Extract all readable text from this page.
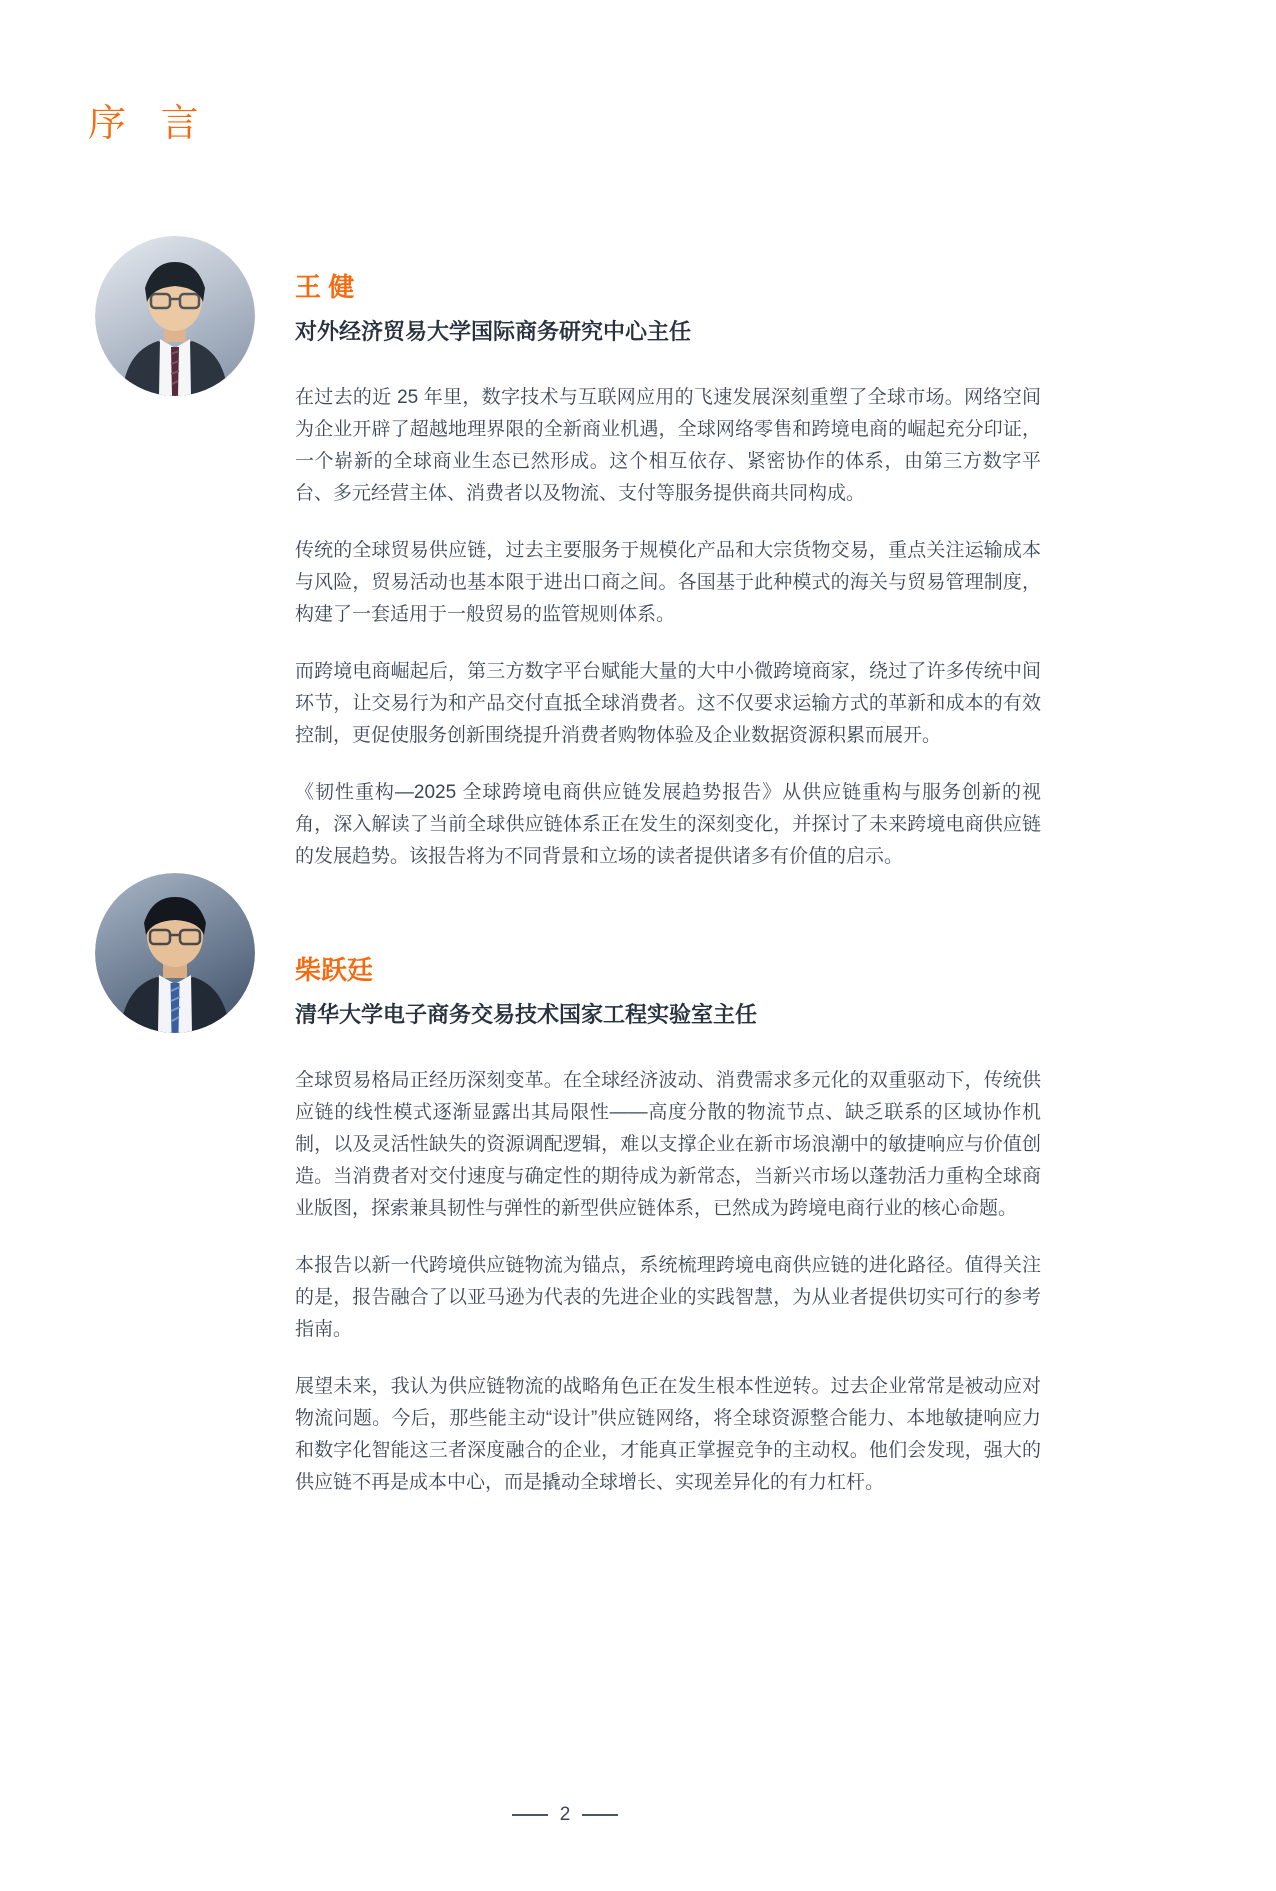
序 言
王 健
对外经济贸易大学国际商务研究中心主任

在过去的近 25 年里，数字技术与互联网应用的飞速发展深刻重塑了全球市场。网络空间为企业开辟了超越地理界限的全新商业机遇，全球网络零售和跨境电商的崛起充分印证，一个崭新的全球商业生态已然形成。这个相互依存、紧密协作的体系，由第三方数字平台、多元经营主体、消费者以及物流、支付等服务提供商共同构成。

传统的全球贸易供应链，过去主要服务于规模化产品和大宗货物交易，重点关注运输成本与风险，贸易活动也基本限于进出口商之间。各国基于此种模式的海关与贸易管理制度，构建了一套适用于一般贸易的监管规则体系。

而跨境电商崛起后，第三方数字平台赋能大量的大中小微跨境商家，绕过了许多传统中间环节，让交易行为和产品交付直抵全球消费者。这不仅要求运输方式的革新和成本的有效控制，更促使服务创新围绕提升消费者购物体验及企业数据资源积累而展开。

《韧性重构—2025 全球跨境电商供应链发展趋势报告》从供应链重构与服务创新的视角，深入解读了当前全球供应链体系正在发生的深刻变化，并探讨了未来跨境电商供应链的发展趋势。该报告将为不同背景和立场的读者提供诸多有价值的启示。

柴跃廷
清华大学电子商务交易技术国家工程实验室主任

全球贸易格局正经历深刻变革。在全球经济波动、消费需求多元化的双重驱动下，传统供应链的线性模式逐渐显露出其局限性——高度分散的物流节点、缺乏联系的区域协作机制，以及灵活性缺失的资源调配逻辑，难以支撑企业在新市场浪潮中的敏捷响应与价值创造。当消费者对交付速度与确定性的期待成为新常态，当新兴市场以蓬勃活力重构全球商业版图，探索兼具韧性与弹性的新型供应链体系，已然成为跨境电商行业的核心命题。

本报告以新一代跨境供应链物流为锚点，系统梳理跨境电商供应链的进化路径。值得关注的是，报告融合了以亚马逊为代表的先进企业的实践智慧，为从业者提供切实可行的参考指南。

展望未来，我认为供应链物流的战略角色正在发生根本性逆转。过去企业常常是被动应对物流问题。今后，那些能主动“设计”供应链网络，将全球资源整合能力、本地敏捷响应力和数字化智能这三者深度融合的企业，才能真正掌握竞争的主动权。他们会发现，强大的供应链不再是成本中心，而是撬动全球增长、实现差异化的有力杠杆。

2
